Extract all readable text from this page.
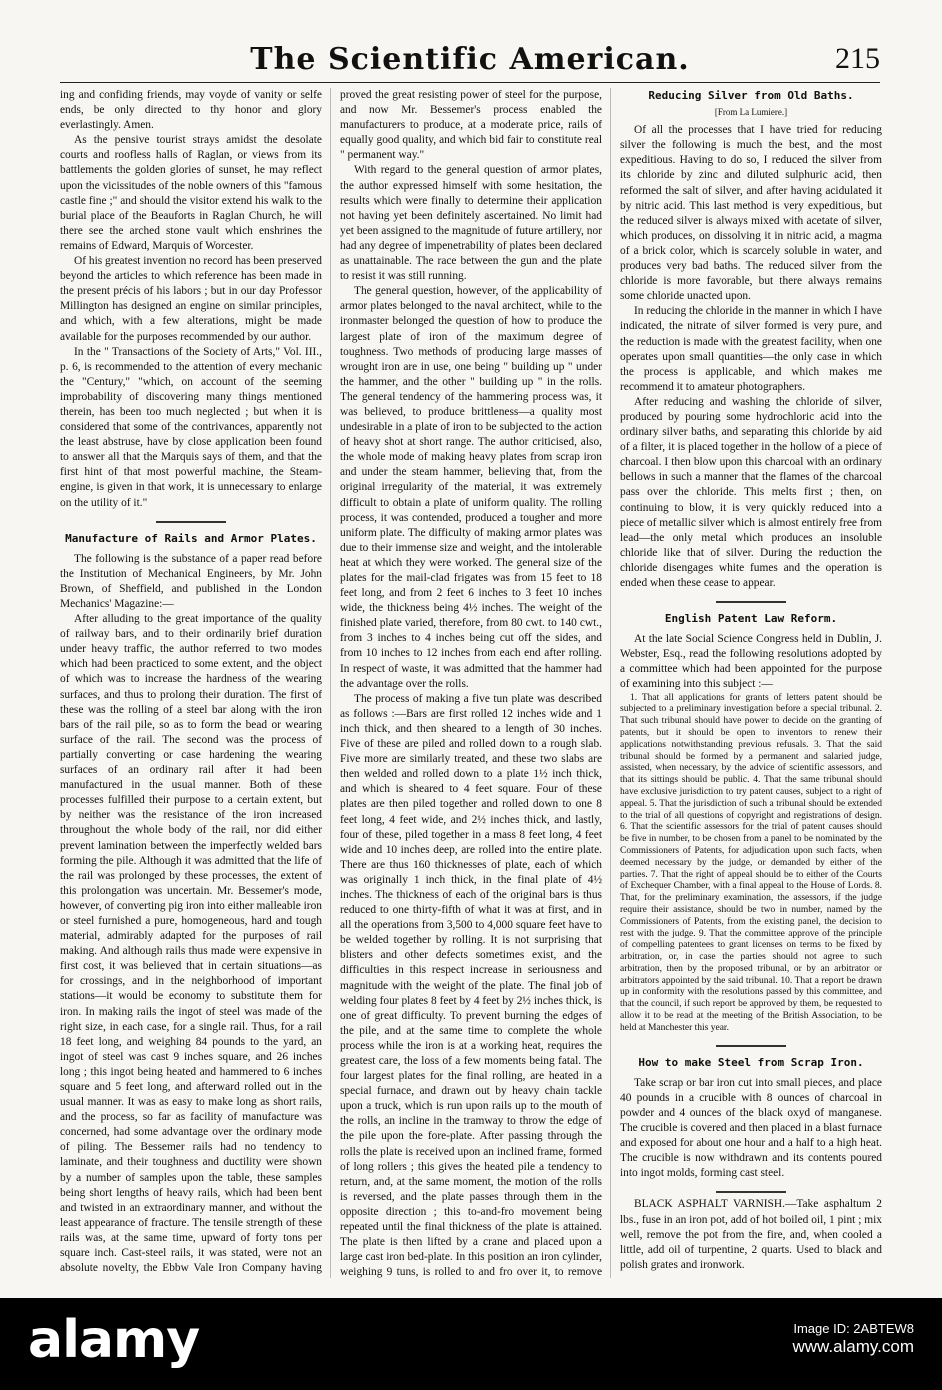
The Scientific American.	215

ing and confiding friends, may voyde of vanity or selfe ends, be only directed to thy honor and glory everlastingly. Amen.

As the pensive tourist strays amidst the desolate courts and roofless halls of Raglan, or views from its battlements the golden glories of sunset, he may reflect upon the vicissitudes of the noble owners of this "famous castle fine ;" and should the visitor extend his walk to the burial place of the Beauforts in Raglan Church, he will there see the arched stone vault which enshrines the remains of Edward, Marquis of Worcester.

Of his greatest invention no record has been preserved beyond the articles to which reference has been made in the present précis of his labors ; but in our day Professor Millington has designed an engine on similar principles, and which, with a few alterations, might be made available for the purposes recommended by our author.

In the " Transactions of the Society of Arts," Vol. III., p. 6, is recommended to the attention of every mechanic the "Century," "which, on account of the seeming improbability of discovering many things mentioned therein, has been too much neglected ; but when it is considered that some of the contrivances, apparently not the least abstruse, have by close application been found to answer all that the Marquis says of them, and that the first hint of that most powerful machine, the Steam-engine, is given in that work, it is unnecessary to enlarge on the utility of it."

Manufacture of Rails and Armor Plates.

The following is the substance of a paper read before the Institution of Mechanical Engineers, by Mr. John Brown, of Sheffield, and published in the London Mechanics' Magazine:—

After alluding to the great importance of the quality of railway bars, and to their ordinarily brief duration under heavy traffic, the author referred to two modes which had been practiced to some extent, and the object of which was to increase the hardness of the wearing surfaces, and thus to prolong their duration. The first of these was the rolling of a steel bar along with the iron bars of the rail pile, so as to form the bead or wearing surface of the rail. The second was the process of partially converting or case hardening the wearing surfaces of an ordinary rail after it had been manufactured in the usual manner. Both of these processes fulfilled their purpose to a certain extent, but by neither was the resistance of the iron increased throughout the whole body of the rail, nor did either prevent lamination between the imperfectly welded bars forming the pile. Although it was admitted that the life of the rail was prolonged by these processes, the extent of this prolongation was uncertain. Mr. Bessemer's mode, however, of converting pig iron into either malleable iron or steel furnished a pure, homogeneous, hard and tough material, admirably adapted for the purposes of rail making. And although rails thus made were expensive in first cost, it was believed that in certain situations—as for crossings, and in the neighborhood of important stations—it would be economy to substitute them for iron. In making rails the ingot of steel was made of the right size, in each case, for a single rail. Thus, for a rail 18 feet long, and weighing 84 pounds to the yard, an ingot of steel was cast 9 inches square, and 26 inches long ; this ingot being heated and hammered to 6 inches square and 5 feet long, and afterward rolled out in the usual manner. It was as easy to make long as short rails, and the process, so far as facility of manufacture was concerned, had some advantage over the ordinary mode of piling. The Bessemer rails had no tendency to laminate, and their toughness and ductility were shown by a number of samples upon the table, these samples being short lengths of heavy rails, which had been bent and twisted in an extraordinary manner, and without the least appearance of fracture. The tensile strength of these rails was, at the same time, upward of forty tons per square inch. Cast-steel rails, it was stated, were not an absolute novelty, the Ebbw Vale Iron Company having

proved the great resisting power of steel for the purpose, and now Mr. Bessemer's process enabled the manufacturers to produce, at a moderate price, rails of equally good quality, and which bid fair to constitute real " permanent way."

With regard to the general question of armor plates, the author expressed himself with some hesitation, the results which were finally to determine their application not having yet been definitely ascertained. No limit had yet been assigned to the magnitude of future artillery, nor had any degree of impenetrability of plates been declared as unattainable. The race between the gun and the plate to resist it was still running.

The general question, however, of the applicability of armor plates belonged to the naval architect, while to the ironmaster belonged the question of how to produce the largest plate of iron of the maximum degree of toughness. Two methods of producing large masses of wrought iron are in use, one being " building up " under the hammer, and the other " building up " in the rolls. The general tendency of the hammering process was, it was believed, to produce brittleness—a quality most undesirable in a plate of iron to be subjected to the action of heavy shot at short range. The author criticised, also, the whole mode of making heavy plates from scrap iron and under the steam hammer, believing that, from the original irregularity of the material, it was extremely difficult to obtain a plate of uniform quality. The rolling process, it was contended, produced a tougher and more uniform plate. The difficulty of making armor plates was due to their immense size and weight, and the intolerable heat at which they were worked. The general size of the plates for the mail-clad frigates was from 15 feet to 18 feet long, and from 2 feet 6 inches to 3 feet 10 inches wide, the thickness being 4½ inches. The weight of the finished plate varied, therefore, from 80 cwt. to 140 cwt., from 3 inches to 4 inches being cut off the sides, and from 10 inches to 12 inches from each end after rolling. In respect of waste, it was admitted that the hammer had the advantage over the rolls.

The process of making a five tun plate was described as follows :—Bars are first rolled 12 inches wide and 1 inch thick, and then sheared to a length of 30 inches. Five of these are piled and rolled down to a rough slab. Five more are similarly treated, and these two slabs are then welded and rolled down to a plate 1½ inch thick, and which is sheared to 4 feet square. Four of these plates are then piled together and rolled down to one 8 feet long, 4 feet wide, and 2½ inches thick, and lastly, four of these, piled together in a mass 8 feet long, 4 feet wide and 10 inches deep, are rolled into the entire plate. There are thus 160 thicknesses of plate, each of which was originally 1 inch thick, in the final plate of 4½ inches. The thickness of each of the original bars is thus reduced to one thirty-fifth of what it was at first, and in all the operations from 3,500 to 4,000 square feet have to be welded together by rolling. It is not surprising that blisters and other defects sometimes exist, and the difficulties in this respect increase in seriousness and magnitude with the weight of the plate. The final job of welding four plates 8 feet by 4 feet by 2½ inches thick, is one of great difficulty. To prevent burning the edges of the pile, and at the same time to complete the whole process while the iron is at a working heat, requires the greatest care, the loss of a few moments being fatal. The four largest plates for the final rolling, are heated in a special furnace, and drawn out by heavy chain tackle upon a truck, which is run upon rails up to the mouth of the rolls, an incline in the tramway to throw the edge of the pile upon the fore-plate. After passing through the rolls the plate is received upon an inclined frame, formed of long rollers ; this gives the heated pile a tendency to return, and, at the same moment, the motion of the rolls is reversed, and the plate passes through them in the opposite direction ; this to-and-fro movement being repeated until the final thickness of the plate is attained. The plate is then lifted by a crane and placed upon a large cast iron bed-plate. In this position an iron cylinder, weighing 9 tuns, is rolled to and fro over it, to remove

Reducing Silver from Old Baths.
[From La Lumiere.]

Of all the processes that I have tried for reducing silver the following is much the best, and the most expeditious. Having to do so, I reduced the silver from its chloride by zinc and diluted sulphuric acid, then reformed the salt of silver, and after having acidulated it by nitric acid. This last method is very expeditious, but the reduced silver is always mixed with acetate of silver, which produces, on dissolving it in nitric acid, a magma of a brick color, which is scarcely soluble in water, and produces very bad baths. The reduced silver from the chloride is more favorable, but there always remains some chloride unacted upon.

In reducing the chloride in the manner in which I have indicated, the nitrate of silver formed is very pure, and the reduction is made with the greatest facility, when one operates upon small quantities—the only case in which the process is applicable, and which makes me recommend it to amateur photographers.

After reducing and washing the chloride of silver, produced by pouring some hydrochloric acid into the ordinary silver baths, and separating this chloride by aid of a filter, it is placed together in the hollow of a piece of charcoal. I then blow upon this charcoal with an ordinary bellows in such a manner that the flames of the charcoal pass over the chloride. This melts first ; then, on continuing to blow, it is very quickly reduced into a piece of metallic silver which is almost entirely free from lead—the only metal which produces an insoluble chloride like that of silver. During the reduction the chloride disengages white fumes and the operation is ended when these cease to appear.

English Patent Law Reform.

At the late Social Science Congress held in Dublin, J. Webster, Esq., read the following resolutions adopted by a committee which had been appointed for the purpose of examining into this subject :—

1. That all applications for grants of letters patent should be subjected to a preliminary investigation before a special tribunal. 2. That such tribunal should have power to decide on the granting of patents, but it should be open to inventors to renew their applications notwithstanding previous refusals. 3. That the said tribunal should be formed by a permanent and salaried judge, assisted, when necessary, by the advice of scientific assessors, and that its sittings should be public. 4. That the same tribunal should have exclusive jurisdiction to try patent causes, subject to a right of appeal. 5. That the jurisdiction of such a tribunal should be extended to the trial of all questions of copyright and registrations of design. 6. That the scientific assessors for the trial of patent causes should be five in number, to be chosen from a panel to be nominated by the Commissioners of Patents, for adjudication upon such facts, when deemed necessary by the judge, or demanded by either of the parties. 7. That the right of appeal should be to either of the Courts of Exchequer Chamber, with a final appeal to the House of Lords. 8. That, for the preliminary examination, the assessors, if the judge require their assistance, should be two in number, named by the Commissioners of Patents, from the existing panel, the decision to rest with the judge. 9. That the committee approve of the principle of compelling patentees to grant licenses on terms to be fixed by arbitration, or, in case the parties should not agree to such arbitration, then by the proposed tribunal, or by an arbitrator or arbitrators appointed by the said tribunal. 10. That a report be drawn up in conformity with the resolutions passed by this committee, and that the council, if such report be approved by them, be requested to allow it to be read at the meeting of the British Association, to be held at Manchester this year.

How to make Steel from Scrap Iron.

Take scrap or bar iron cut into small pieces, and place 40 pounds in a crucible with 8 ounces of charcoal in powder and 4 ounces of the black oxyd of manganese. The crucible is covered and then placed in a blast furnace and exposed for about one hour and a half to a high heat. The crucible is now withdrawn and its contents poured into ingot molds, forming cast steel.

BLACK ASPHALT VARNISH.—Take asphaltum 2 lbs., fuse in an iron pot, add of hot boiled oil, 1 pint ; mix well, remove the pot from the fire, and, when cooled a little, add oil of turpentine, 2 quarts. Used to black and polish grates and ironwork.

alamy	Image ID: 2ABTEW8
www.alamy.com
